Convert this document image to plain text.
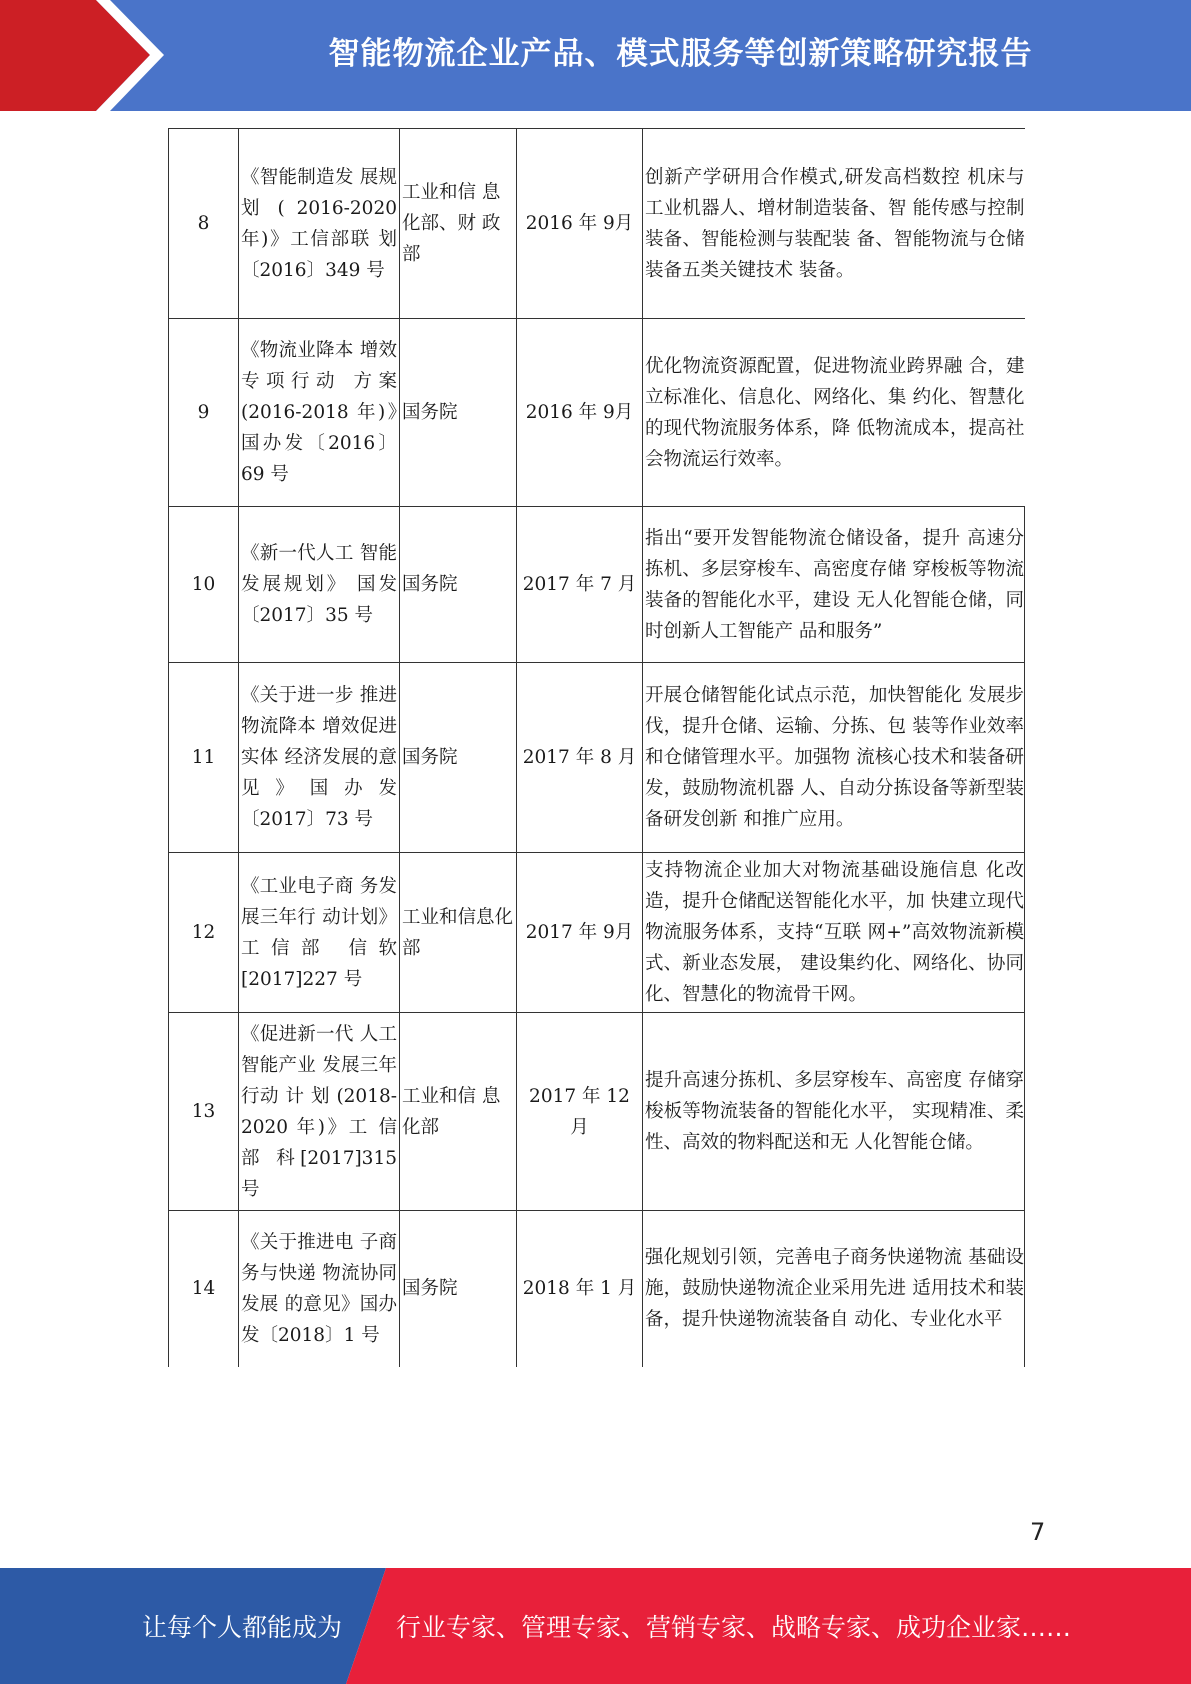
智能物流企业产品、模式服务等创新策略研究报告
8	《智能制造发 展规 划 ( 2016-2020 年)》工信部联 划〔2016〕349 号	工业和信 息化部、财 政部	2016 年 9月	创新产学研用合作模式,研发高档数控 机床与工业机器人、增材制造装备、智 能传感与控制装备、智能检测与装配装 备、智能物流与仓储装备五类关键技术 装备。
9	《物流业降本 增效专项行动 方案(2016-2018 年)》国办发〔2016〕69 号	国务院	2016 年 9月	优化物流资源配置，促进物流业跨界融 合，建立标准化、信息化、网络化、集 约化、智慧化的现代物流服务体系，降 低物流成本，提高社会物流运行效率。
10	《新一代人工 智能发展规划》 国发〔2017〕35 号	国务院	2017 年 7 月	指出“要开发智能物流仓储设备，提升 高速分拣机、多层穿梭车、高密度存储 穿梭板等物流装备的智能化水平，建设 无人化智能仓储，同时创新人工智能产 品和服务”
11	《关于进一步 推进物流降本 增效促进实体 经济发展的意 见》国办发〔2017〕73 号	国务院	2017 年 8 月	开展仓储智能化试点示范，加快智能化 发展步伐，提升仓储、运输、分拣、包 装等作业效率和仓储管理水平。加强物 流核心技术和装备研发，鼓励物流机器 人、自动分拣设备等新型装备研发创新 和推广应用。
12	《工业电子商 务发展三年行 动计划》工信部 信软[2017]227 号	工业和信息化部	2017 年 9月	支持物流企业加大对物流基础设施信息 化改造，提升仓储配送智能化水平，加 快建立现代物流服务体系，支持“互联 网+”高效物流新模式、新业态发展， 建设集约化、网络化、协同化、智慧化的物流骨干网。
13	《促进新一代 人工智能产业 发展三年行动 计 划 (2018-2020 年)》工 信 部 科[2017]315 号	工业和信 息化部	2017 年 12 月	提升高速分拣机、多层穿梭车、高密度 存储穿梭板等物流装备的智能化水平， 实现精准、柔性、高效的物料配送和无 人化智能仓储。
14	《关于推进电 子商务与快递 物流协同发展 的意见》国办发〔2018〕1 号	国务院	2018 年 1 月	强化规划引领，完善电子商务快递物流 基础设施，鼓励快递物流企业采用先进 适用技术和装备，提升快递物流装备自 动化、专业化水平
7
让每个人都能成为 行业专家、管理专家、营销专家、战略专家、成功企业家……
